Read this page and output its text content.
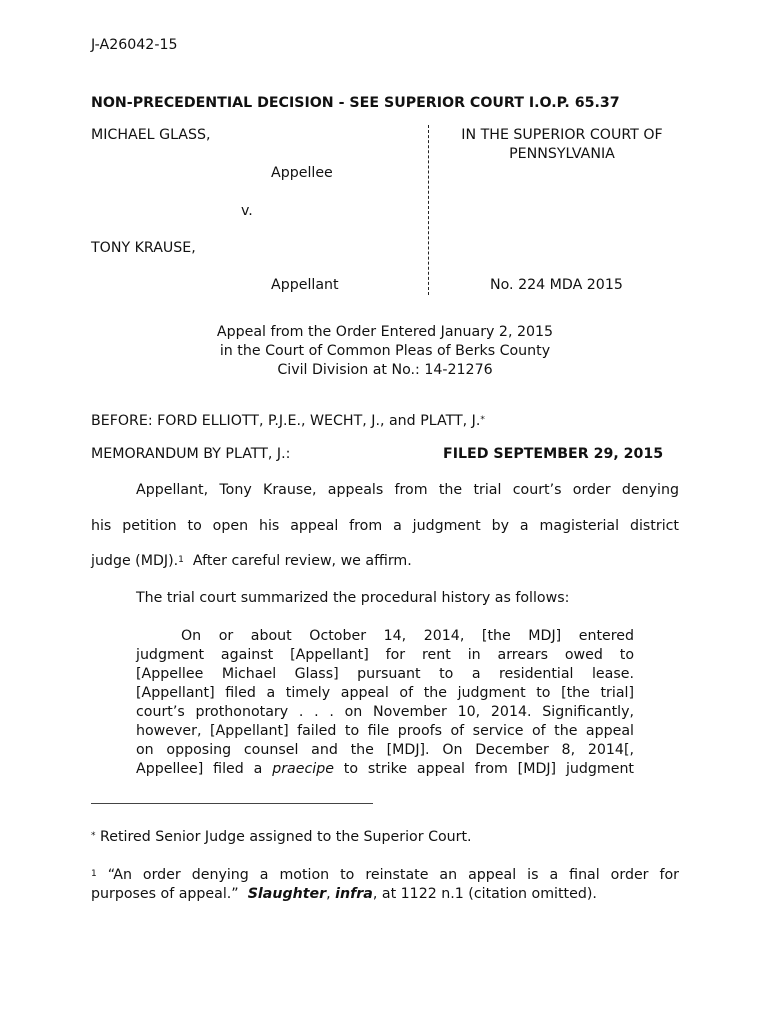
J-A26042-15
NON-PRECEDENTIAL DECISION - SEE SUPERIOR COURT I.O.P. 65.37
MICHAEL GLASS,
Appellee
v.
TONY KRAUSE,
Appellant
IN THE SUPERIOR COURT OF
PENNSYLVANIA
No. 224 MDA 2015
Appeal from the Order Entered January 2, 2015
in the Court of Common Pleas of Berks County
Civil Division at No.: 14-21276
BEFORE: FORD ELLIOTT, P.J.E., WECHT, J., and PLATT, J.*
MEMORANDUM BY PLATT, J.:	FILED SEPTEMBER 29, 2015
Appellant, Tony Krause, appeals from the trial court’s order denying
his petition to open his appeal from a judgment by a magisterial district
judge (MDJ).$^1$  After careful review, we affirm.
The trial court summarized the procedural history as follows:
On or about October 14, 2014, [the MDJ] entered
judgment against [Appellant] for rent in arrears owed to
[Appellee Michael Glass] pursuant to a residential lease.
[Appellant] filed a timely appeal of the judgment to [the trial]
court’s prothonotary . . . on November 10, 2014. Significantly,
however, [Appellant] failed to file proofs of service of the appeal
on opposing counsel and the [MDJ]. On December 8, 2014[,
Appellee] filed a praecipe to strike appeal from [MDJ] judgment
* Retired Senior Judge assigned to the Superior Court.
$^1$ “An order denying a motion to reinstate an appeal is a final order for
purposes of appeal.”  Slaughter, infra, at 1122 n.1 (citation omitted).
